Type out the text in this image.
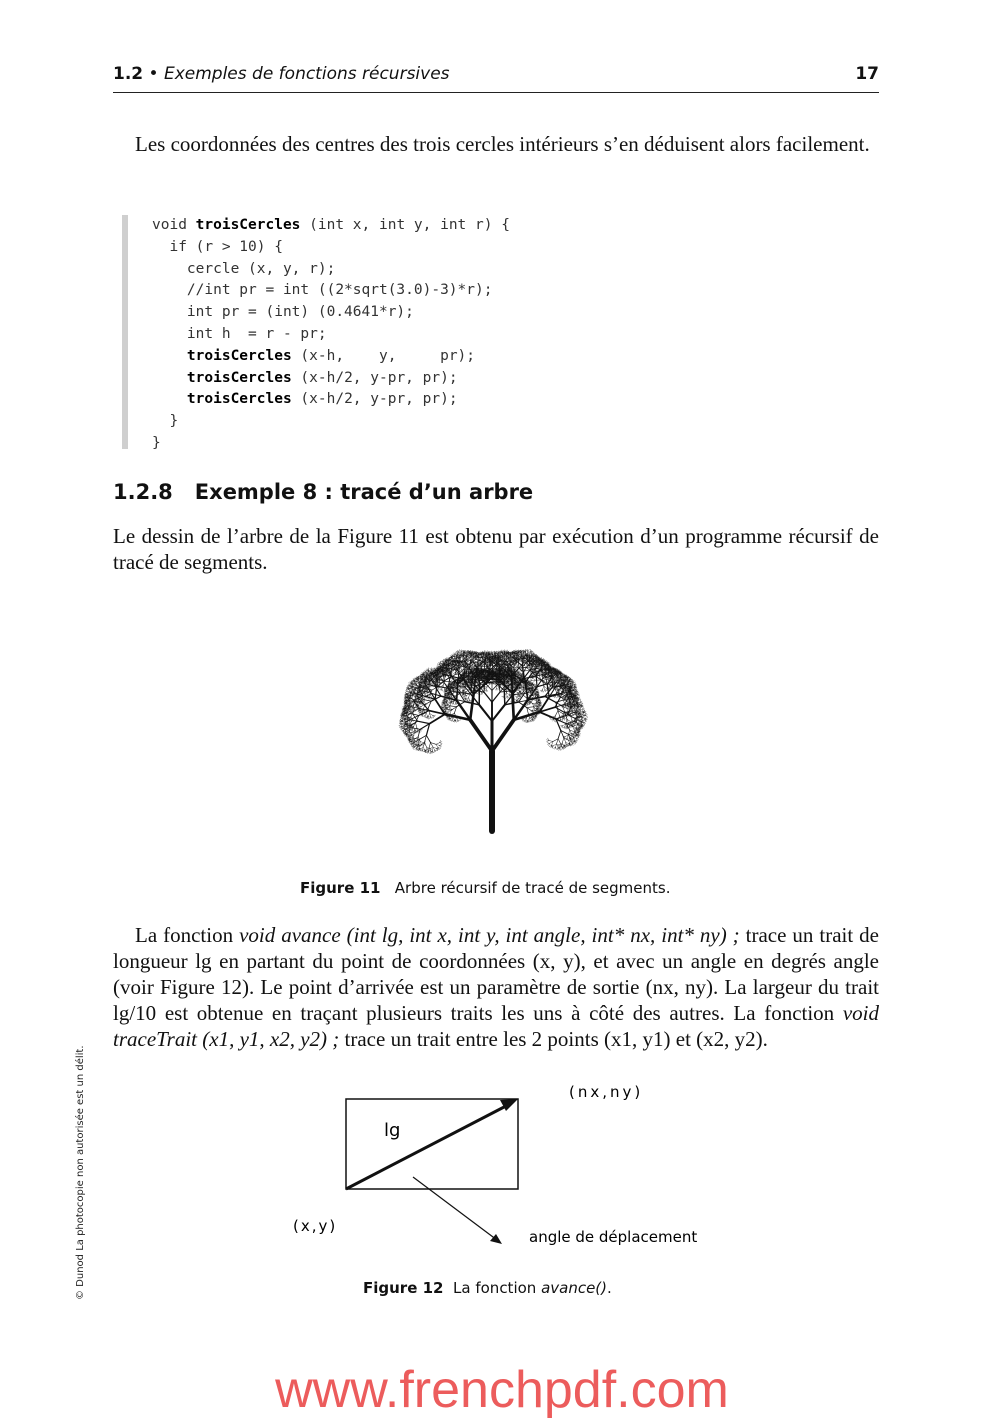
1.2 • Exemples de fonctions récursives	17
Les coordonnées des centres des trois cercles intérieurs s’en déduisent alors facilement.
void troisCercles (int x, int y, int r) {
if (r > 10) {
cercle (x, y, r);
//int pr = int ((2*sqrt(3.0)-3)*r);
int pr = (int) (0.4641*r);
int h  = r - pr;
troisCercles (x-h,    y,     pr);
troisCercles (x-h/2, y-pr, pr);
troisCercles (x-h/2, y-pr, pr);
}
}
1.2.8 Exemple 8 : tracé d’un arbre
Le dessin de l’arbre de la Figure 11 est obtenu par exécution d’un programme récursif de tracé de segments.
Figure 11 Arbre récursif de tracé de segments.
La fonction void avance (int lg, int x, int y, int angle, int* nx, int* ny) ; trace un trait de longueur lg en partant du point de coordonnées (x, y), et avec un angle en degrés angle (voir Figure 12). Le point d’arrivée est un paramètre de sortie (nx, ny). La largeur du trait lg/10 est obtenue en traçant plusieurs traits les uns à côté des autres. La fonction void traceTrait (x1, y1, x2, y2) ; trace un trait entre les 2 points (x1, y1) et (x2, y2).
(nx,ny)
lg
(x,y)
angle de déplacement
Figure 12 La fonction avance().
© Dunod La photocopie non autorisée est un délit.
www.frenchpdf.com
